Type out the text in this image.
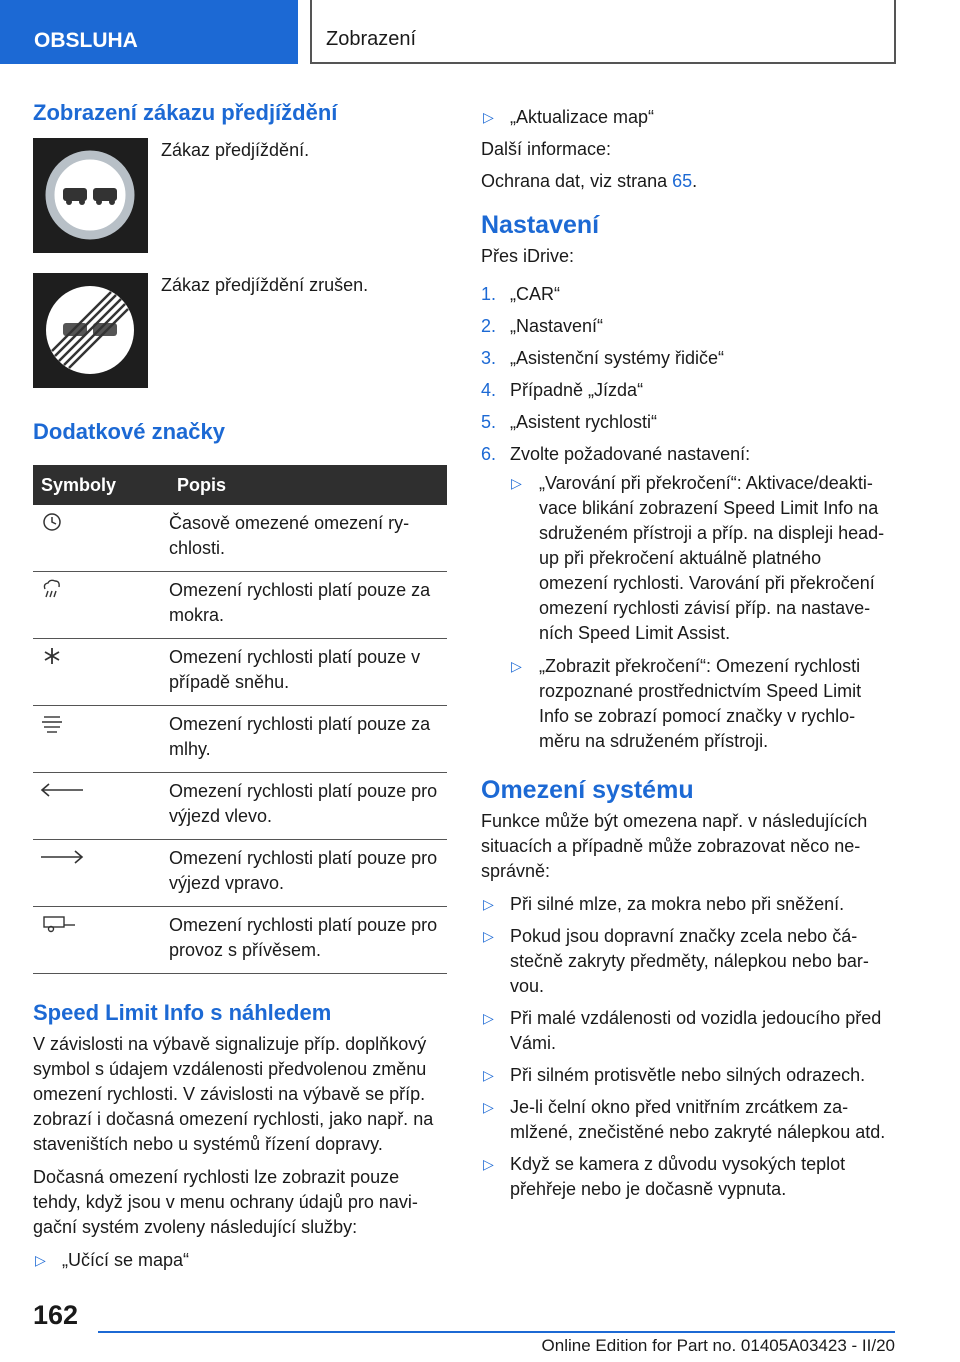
OBSLUHA	Zobrazení
Zobrazení zákazu předjíždění
Zákaz předjíždění.
Zákaz předjíždění zrušen.
Dodatkové značky
Symboly	Popis
	Časově omezené omezení ry-chlosti.
	Omezení rychlosti platí pouze za mokra.
	Omezení rychlosti platí pouze v případě sněhu.
	Omezení rychlosti platí pouze za mlhy.
	Omezení rychlosti platí pouze pro výjezd vlevo.
	Omezení rychlosti platí pouze pro výjezd vpravo.
	Omezení rychlosti platí pouze pro provoz s přívěsem.
Speed Limit Info s náhledem

V závislosti na výbavě signalizuje příp. doplňkový symbol s údajem vzdálenosti předvolenou změnu omezení rychlosti. V závislosti na výbavě se příp. zobrazí i dočasná omezení rychlosti, jako např. na staveništích nebo u systémů řízení dopravy.

Dočasná omezení rychlosti lze zobrazit pouze tehdy, když jsou v menu ochrany údajů pro navi-gační systém zvoleny následující služby:

▷ „Učící se mapa“
▷ „Aktualizace map“

Další informace:

Ochrana dat, viz strana 65.

Nastavení

Přes iDrive:

1. „CAR“
2. „Nastavení“
3. „Asistenční systémy řidiče“
4. Případně „Jízda“
5. „Asistent rychlosti“
6. Zvolte požadované nastavení:
▷ „Varování při překročení“: Aktivace/deakti-vace blikání zobrazení Speed Limit Info na sdruženém přístroji a příp. na displeji head-up při překročení aktuálně platného omezení rychlosti. Varování při překročení omezení rychlosti závisí příp. na nastave-ních Speed Limit Assist.
▷ „Zobrazit překročení“: Omezení rychlosti rozpoznané prostřednictvím Speed Limit Info se zobrazí pomocí značky v rychlo-měru na sdruženém přístroji.
Omezení systému

Funkce může být omezena např. v následujících situacích a případně může zobrazovat něco ne-správně:

▷ Při silné mlze, za mokra nebo při sněžení.
▷ Pokud jsou dopravní značky zcela nebo čá-stečně zakryty předměty, nálepkou nebo bar-vou.
▷ Při malé vzdálenosti od vozidla jedoucího před Vámi.
▷ Při silném protisvětle nebo silných odrazech.
▷ Je-li čelní okno před vnitřním zrcátkem za-mlžené, znečistěné nebo zakryté nálepkou atd.
▷ Když se kamera z důvodu vysokých teplot přehřeje nebo je dočasně vypnuta.
162
Online Edition for Part no. 01405A03423 - II/20
